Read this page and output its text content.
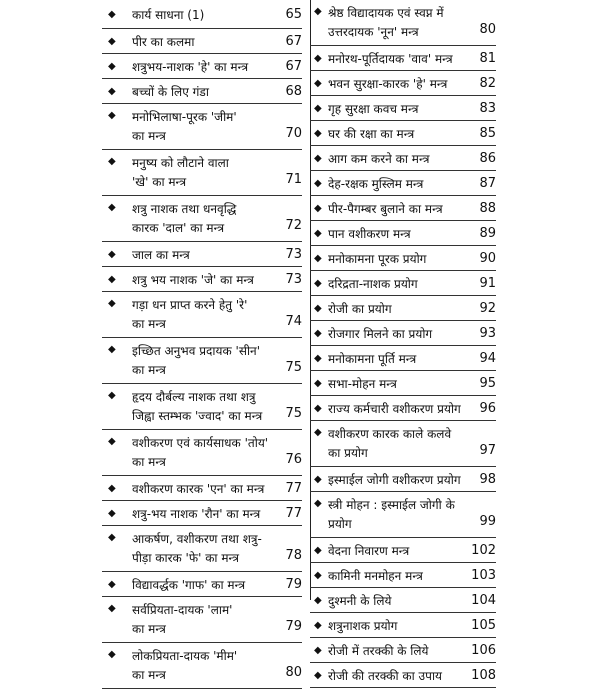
◆ कार्य साधना (1)	65
◆ पीर का कलमा	67
◆ शत्रुभय-नाशक 'हे' का मन्त्र	67
◆ बच्चों के लिए गंडा	68
◆ मनोभिलाषा-पूरक 'जीम'
का मन्त्र	70
◆ मनुष्य को लौटाने वाला
'खे' का मन्त्र	71
◆ शत्रु नाशक तथा धनवृद्धि
कारक 'दाल' का मन्त्र	72
◆ जाल का मन्त्र	73
◆ शत्रु भय नाशक 'जे' का मन्त्र 73
◆ गड़ा धन प्राप्त करने हेतु 'रे'
का मन्त्र	74
◆ इच्छित अनुभव प्रदायक 'सीन'
का मन्त्र	75
◆ हृदय दौर्बल्य नाशक तथा शत्रु
जिह्वा स्तम्भक 'ज्वाद' का मन्त्र 75
◆ वशीकरण एवं कार्यसाधक 'तोय'
का मन्त्र	76
◆ वशीकरण कारक 'एन' का मन्त्र 77
◆ शत्रु-भय नाशक 'रौन' का मन्त्र 77
◆ आकर्षण, वशीकरण तथा शत्रु-
पीड़ा कारक 'फे' का मन्त्र	78
◆ विद्यावर्द्धक 'गाफ' का मन्त्र	79
◆ सर्वप्रियता-दायक 'लाम'
का मन्त्र	79
◆ लोकप्रियता-दायक 'मीम'
का मन्त्र	80
◆ श्रेष्ठ विद्यादायक एवं स्वप्न में
उत्तरदायक 'नून' मन्त्र	80
◆ मनोरथ-पूर्तिदायक 'वाव' मन्त्र 81
◆ भवन सुरक्षा-कारक 'हे' मन्त्र 82
◆ गृह सुरक्षा कवच मन्त्र	83
◆ घर की रक्षा का मन्त्र	85
◆ आग कम करने का मन्त्र	86
◆ देह-रक्षक मुस्लिम मन्त्र	87
◆ पीर-पैगम्बर बुलाने का मन्त्र	88
◆ पान वशीकरण मन्त्र	89
◆ मनोकामना पूरक प्रयोग	90
◆ दरिद्रता-नाशक प्रयोग	91
◆ रोजी का प्रयोग	92
◆ रोजगार मिलने का प्रयोग	93
◆ मनोकामना पूर्ति मन्त्र	94
◆ सभा-मोहन मन्त्र	95
◆ राज्य कर्मचारी वशीकरण प्रयोग 96
◆ वशीकरण कारक काले कलवे
का प्रयोग	97
◆ इस्माईल जोगी वशीकरण प्रयोग 98
◆ स्त्री मोहन : इस्माईल जोगी के
प्रयोग	99
◆ वेदना निवारण मन्त्र	102
◆ कामिनी मनमोहन मन्त्र	103
◆ दुश्मनी के लिये	104
◆ शत्रुनाशक प्रयोग	105
◆ रोजी में तरक्की के लिये	106
◆ रोजी की तरक्की का उपाय 108
